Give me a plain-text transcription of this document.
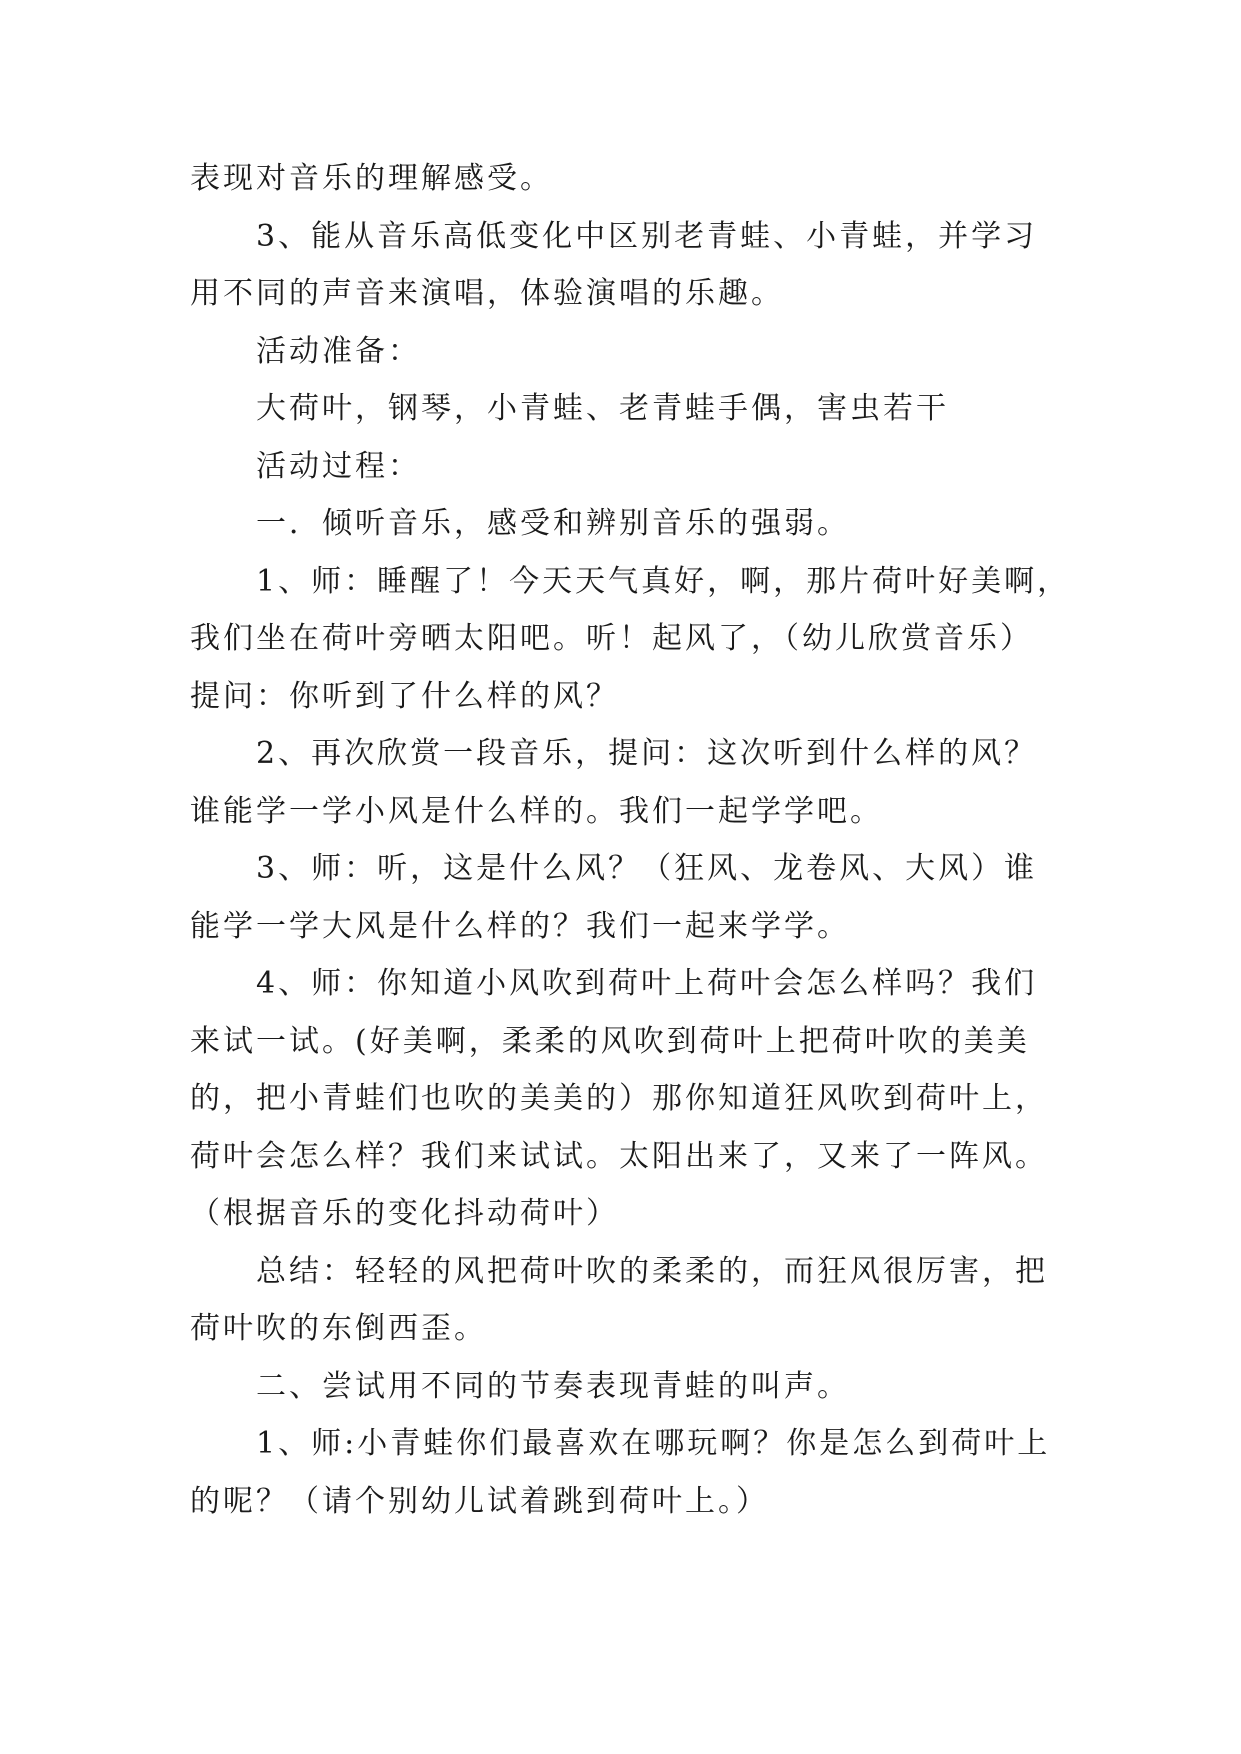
表现对音乐的理解感受。
3、能从音乐高低变化中区别老青蛙、小青蛙，并学习
用不同的声音来演唱，体验演唱的乐趣。
活动准备：
大荷叶，钢琴，小青蛙、老青蛙手偶，害虫若干
活动过程：
一．倾听音乐，感受和辨别音乐的强弱。
1、师：睡醒了！今天天气真好，啊，那片荷叶好美啊，
我们坐在荷叶旁晒太阳吧。听！起风了，（幼儿欣赏音乐）
提问：你听到了什么样的风？
2、再次欣赏一段音乐，提问：这次听到什么样的风？
谁能学一学小风是什么样的。我们一起学学吧。
3、师：听，这是什么风？（狂风、龙卷风、大风）谁
能学一学大风是什么样的？我们一起来学学。
4、师：你知道小风吹到荷叶上荷叶会怎么样吗？我们
来试一试。(好美啊，柔柔的风吹到荷叶上把荷叶吹的美美
的，把小青蛙们也吹的美美的）那你知道狂风吹到荷叶上，
荷叶会怎么样？我们来试试。太阳出来了，又来了一阵风。
（根据音乐的变化抖动荷叶）
总结：轻轻的风把荷叶吹的柔柔的，而狂风很厉害，把
荷叶吹的东倒西歪。
二、尝试用不同的节奏表现青蛙的叫声。
1、师:小青蛙你们最喜欢在哪玩啊？你是怎么到荷叶上
的呢？（请个别幼儿试着跳到荷叶上。）
